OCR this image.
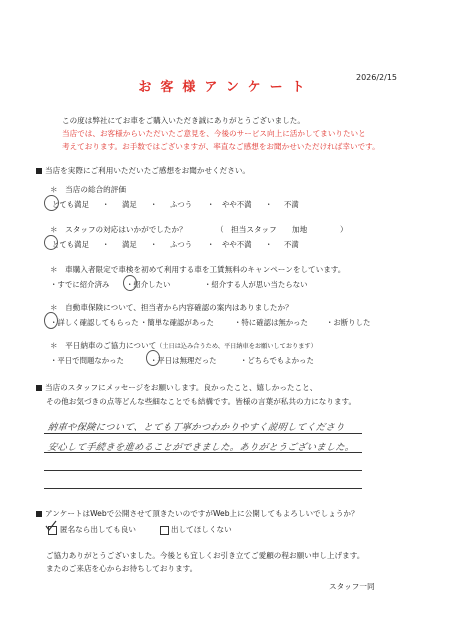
お客様アンケート
2026/2/15
この度は弊社にてお車をご購入いただき誠にありがとうございました。
当店では、お客様からいただいたご意見を、今後のサービス向上に活かしてまいりたいと
考えております。お手数ではございますが、率直なご感想をお聞かせいただければ幸いです。
当店を実際にご利用いただいたご感想をお聞かせください。
＊　当店の総合的評価
とても満足 ・ 満足 ・ ふつう ・ やや不満 ・ 不満
＊　スタッフの対応はいかがでしたか？	（　担当スタッフ 加地	）
とても満足 ・ 満足 ・ ふつう ・ やや不満 ・ 不満
＊　車購入者限定で車検を初めて利用する車を工賃無料のキャンペーンをしています。
・すでに紹介済み ・紹介したい	・紹介する人が思い当たらない
＊　自動車保険について、担当者から内容確認の案内はありましたか？
・詳しく確認してもらった ・簡単な確認があった	・特に確認は無かった ・お断りした
＊　平日納車のご協力について（土日は込み合うため、平日納車をお願いしております）
・平日で問題なかった	・平日は無理だった	・どちらでもよかった
当店のスタッフにメッセージをお願いします。良かったこと、嬉しかったこと、
その他お気づきの点等どんな些細なことでも結構です。皆様の言葉が私共の力になります。
納車や保険について、とても丁寧かつわかりやすく説明してくださり
安心して手続きを進めることができました。ありがとうございました。
アンケートはWebで公開させて頂きたいのですがWeb上に公開してもよろしいでしょうか？
匿名なら出しても良い	出してほしくない
ご協力ありがとうございました。今後とも宜しくお引き立てご愛顧の程お願い申し上げます。
またのご来店を心からお待ちしております。
スタッフ一同
